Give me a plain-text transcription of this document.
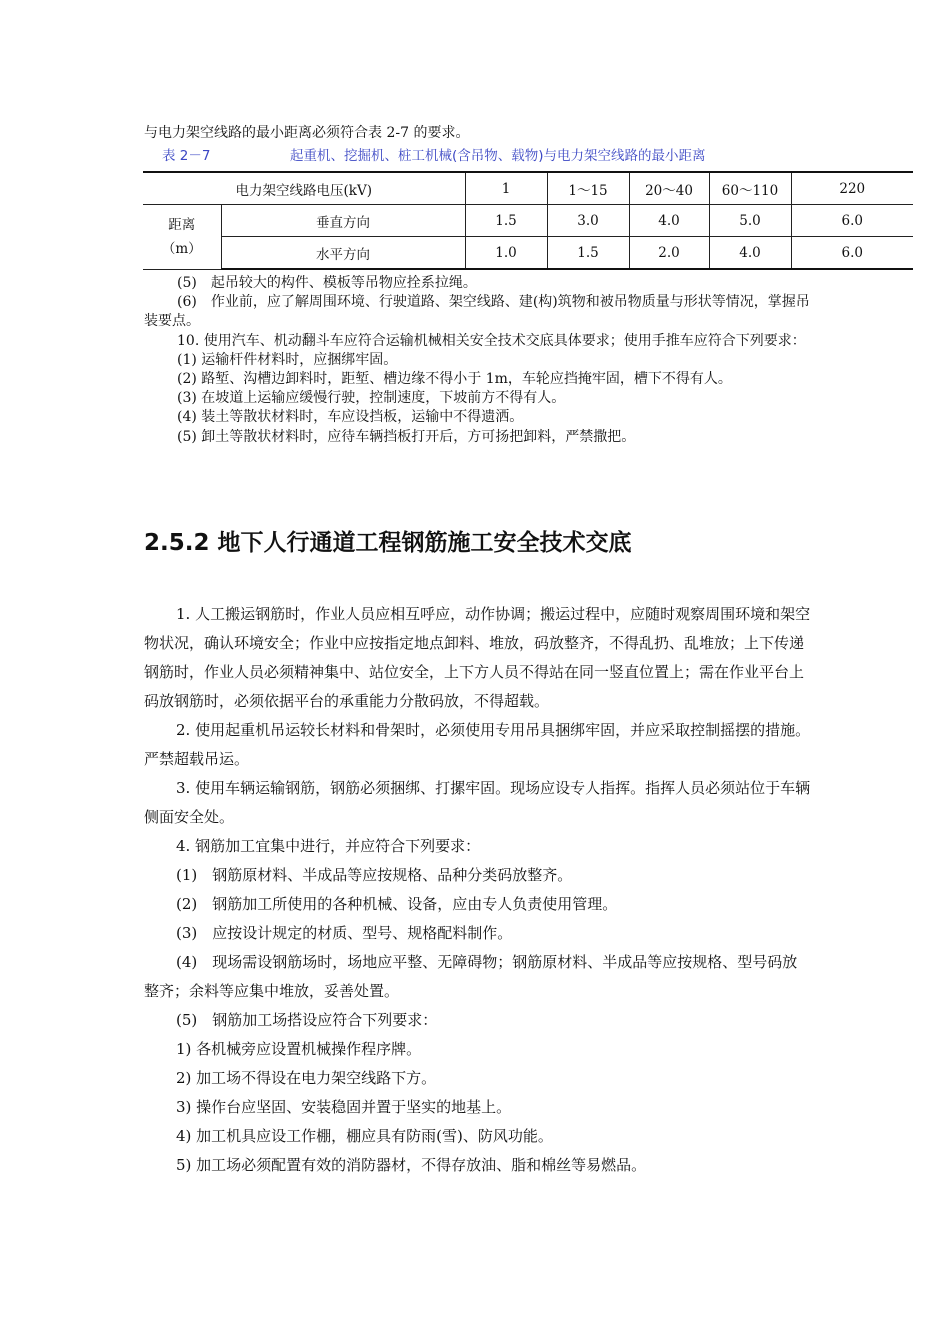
与电力架空线路的最小距离必须符合表 2-7 的要求。
表 2－7	起重机、挖掘机、桩工机械(含吊物、载物)与电力架空线路的最小距离
电力架空线路电压(kV)		1	1～15	20～40	60～110	220

距离
（m）	垂直方向	1.5	3.0	4.0	5.0	6.0
	水平方向	1.0	1.5	2.0	4.0	6.0

(5)　起吊较大的构件、模板等吊物应拴系拉绳。

(6)　作业前，应了解周围环境、行驶道路、架空线路、建(构)筑物和被吊物质量与形状等情况，掌握吊装要点。

10. 使用汽车、机动翻斗车应符合运输机械相关安全技术交底具体要求；使用手推车应符合下列要求：

(1) 运输杆件材料时，应捆绑牢固。

(2) 路堑、沟槽边卸料时，距堑、槽边缘不得小于 1m，车轮应挡掩牢固，槽下不得有人。

(3) 在坡道上运输应缓慢行驶，控制速度，下坡前方不得有人。

(4) 装土等散状材料时，车应设挡板，运输中不得遗洒。

(5) 卸土等散状材料时，应待车辆挡板打开后，方可扬把卸料，严禁撒把。

2.5.2 地下人行通道工程钢筋施工安全技术交底

1. 人工搬运钢筋时，作业人员应相互呼应，动作协调；搬运过程中，应随时观察周围环境和架空物状况，确认环境安全；作业中应按指定地点卸料、堆放，码放整齐，不得乱扔、乱堆放；上下传递钢筋时，作业人员必须精神集中、站位安全，上下方人员不得站在同一竖直位置上；需在作业平台上码放钢筋时，必须依据平台的承重能力分散码放，不得超载。

2. 使用起重机吊运较长材料和骨架时，必须使用专用吊具捆绑牢固，并应采取控制摇摆的措施。严禁超载吊运。

3. 使用车辆运输钢筋，钢筋必须捆绑、打摞牢固。现场应设专人指挥。指挥人员必须站位于车辆侧面安全处。

4. 钢筋加工宜集中进行，并应符合下列要求：

(1)　钢筋原材料、半成品等应按规格、品种分类码放整齐。

(2)　钢筋加工所使用的各种机械、设备，应由专人负责使用管理。

(3)　应按设计规定的材质、型号、规格配料制作。

(4)　现场需设钢筋场时，场地应平整、无障碍物；钢筋原材料、半成品等应按规格、型号码放整齐；余料等应集中堆放，妥善处置。

(5)　钢筋加工场搭设应符合下列要求：

1) 各机械旁应设置机械操作程序牌。

2) 加工场不得设在电力架空线路下方。

3) 操作台应坚固、安装稳固并置于坚实的地基上。

4) 加工机具应设工作棚，棚应具有防雨(雪)、防风功能。

5) 加工场必须配置有效的消防器材，不得存放油、脂和棉丝等易燃品。
